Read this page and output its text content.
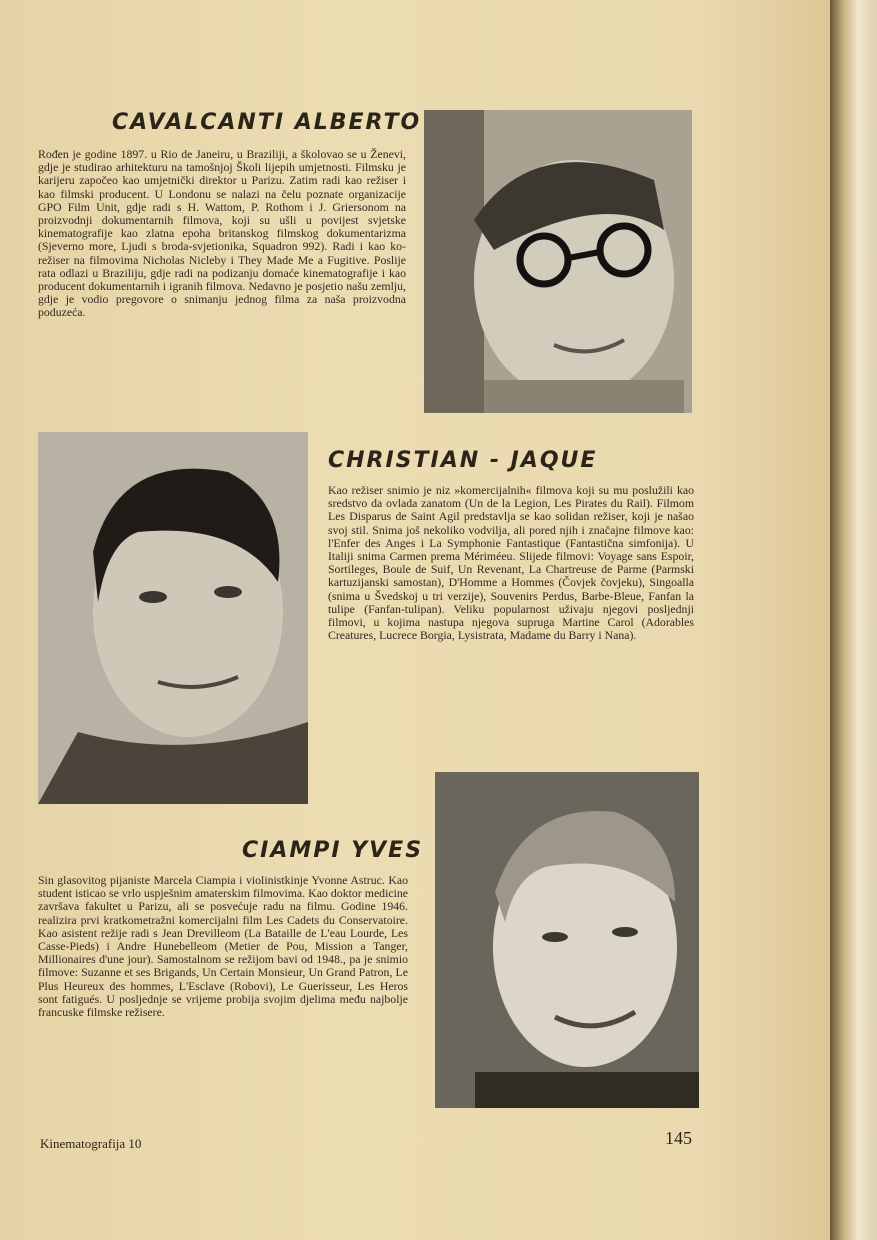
CAVALCANTI ALBERTO

Rođen je godine 1897. u Rio de Janeiru, u Braziliji, a školovao se u Ženevi, gdje je studirao arhitekturu na tamošnjoj Školi lijepih umjetnosti. Filmsku je karijeru započeo kao umjetnički direktor u Parizu. Zatim radi kao režiser i kao filmski producent. U Londonu se nalazi na čelu poznate organizacije GPO Film Unit, gdje radi s H. Wattom, P. Rothom i J. Griersonom na proizvodnji dokumentarnih filmova, koji su ušli u povijest svjetske kinematografije kao zlatna epoha britanskog filmskog dokumentarizma (Sjeverno more, Ljudi s broda-svjetionika, Squadron 992). Radi i kao ko-režiser na filmovima Nicholas Nicleby i They Made Me a Fugitive. Poslije rata odlazi u Braziliju, gdje radi na podizanju domaće kinematografije i kao producent dokumentarnih i igranih filmova. Nedavno je posjetio našu zemlju, gdje je vodio pregovore o snimanju jednog filma za naša proizvodna poduzeća.

CHRISTIAN - JAQUE

Kao režiser snimio je niz »komercijalnih« filmova koji su mu poslužili kao sredstvo da ovlada zanatom (Un de la Legion, Les Pirates du Rail). Filmom Les Disparus de Saint Agil predstavlja se kao solidan režiser, koji je našao svoj stil. Snima još nekoliko vodvilja, ali pored njih i značajne filmove kao: l'Enfer des Anges i La Symphonie Fantastique (Fantastična simfonija). U Italiji snima Carmen prema Mériméeu. Slijede filmovi: Voyage sans Espoir, Sortileges, Boule de Suif, Un Revenant, La Chartreuse de Parme (Parmski kartuzijanski samostan), D'Homme a Hommes (Čovjek čovjeku), Singoalla (snima u Švedskoj u tri verzije), Souvenirs Perdus, Barbe-Bleue, Fanfan la tulipe (Fanfan-tulipan). Veliku popularnost uživaju njegovi posljednji filmovi, u kojima nastupa njegova supruga Martine Carol (Adorables Creatures, Lucrece Borgia, Lysistrata, Madame du Barry i Nana).

CIAMPI YVES

Sin glasovitog pijaniste Marcela Ciampia i violinistkinje Yvonne Astruc. Kao student isticao se vrlo uspješnim amaterskim filmovima. Kao doktor medicine završava fakultet u Parizu, ali se posvećuje radu na filmu. Godine 1946. realizira prvi kratkometražni komercijalni film Les Cadets du Conservatoire. Kao asistent režije radi s Jean Drevilleom (La Bataille de L'eau Lourde, Les Casse-Pieds) i Andre Hunebelleom (Metier de Pou, Mission a Tanger, Millionaires d'une jour). Samostalnom se režijom bavi od 1948., pa je snimio filmove: Suzanne et ses Brigands, Un Certain Monsieur, Un Grand Patron, Le Plus Heureux des hommes, L'Esclave (Robovi), Le Guerisseur, Les Heros sont fatigués. U posljednje se vrijeme probija svojim djelima među najbolje francuske filmske režisere.

Kinematografija 10	145
